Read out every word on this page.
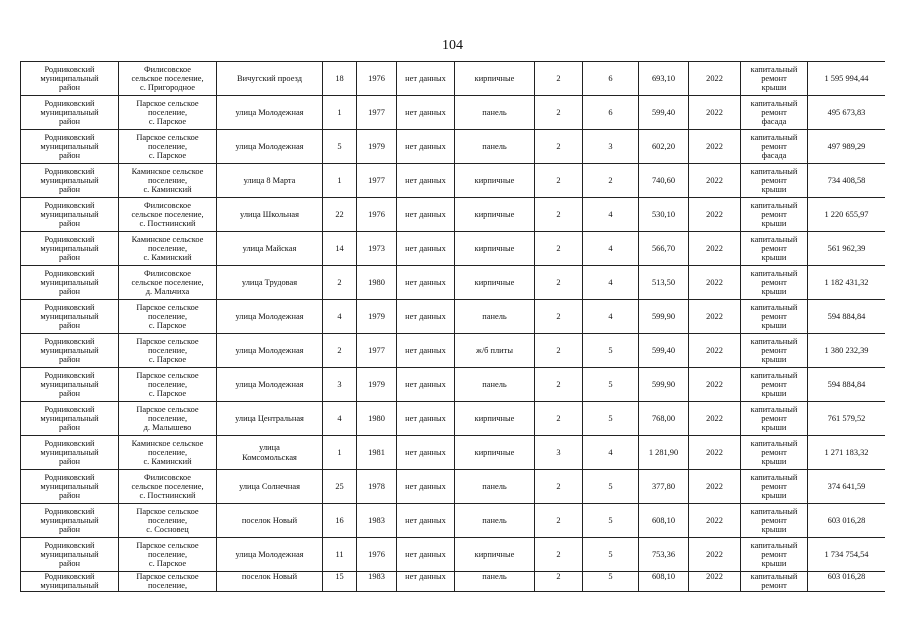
104
Родниковский
муниципальный
район	Филисовское
сельское поселение,
с. Пригородное	Вичугский проезд	18	1976	нет данных	кирпичные	2	6	693,10	2022	капитальный
ремонт
крыши	1 595 994,44
Родниковский
муниципальный
район	Парское сельское
поселение,
с. Парское	улица Молодежная	1	1977	нет данных	панель	2	6	599,40	2022	капитальный
ремонт
фасада	495 673,83
Родниковский
муниципальный
район	Парское сельское
поселение,
с. Парское	улица Молодежная	5	1979	нет данных	панель	2	3	602,20	2022	капитальный
ремонт
фасада	497 989,29
Родниковский
муниципальный
район	Каминское сельское
поселение,
с. Каминский	улица 8 Марта	1	1977	нет данных	кирпичные	2	2	740,60	2022	капитальный
ремонт
крыши	734 408,58
Родниковский
муниципальный
район	Филисовское
сельское поселение,
с. Постнинский	улица Школьная	22	1976	нет данных	кирпичные	2	4	530,10	2022	капитальный
ремонт
крыши	1 220 655,97
Родниковский
муниципальный
район	Каминское сельское
поселение,
с. Каминский	улица Майская	14	1973	нет данных	кирпичные	2	4	566,70	2022	капитальный
ремонт
крыши	561 962,39
Родниковский
муниципальный
район	Филисовское
сельское поселение,
д. Мальчиха	улица Трудовая	2	1980	нет данных	кирпичные	2	4	513,50	2022	капитальный
ремонт
крыши	1 182 431,32
Родниковский
муниципальный
район	Парское сельское
поселение,
с. Парское	улица Молодежная	4	1979	нет данных	панель	2	4	599,90	2022	капитальный
ремонт
крыши	594 884,84
Родниковский
муниципальный
район	Парское сельское
поселение,
с. Парское	улица Молодежная	2	1977	нет данных	ж/б плиты	2	5	599,40	2022	капитальный
ремонт
крыши	1 380 232,39
Родниковский
муниципальный
район	Парское сельское
поселение,
с. Парское	улица Молодежная	3	1979	нет данных	панель	2	5	599,90	2022	капитальный
ремонт
крыши	594 884,84
Родниковский
муниципальный
район	Парское сельское
поселение,
д. Малышево	улица Центральная	4	1980	нет данных	кирпичные	2	5	768,00	2022	капитальный
ремонт
крыши	761 579,52
Родниковский
муниципальный
район	Каминское сельское
поселение,
с. Каминский	улица
Комсомольская	1	1981	нет данных	кирпичные	3	4	1 281,90	2022	капитальный
ремонт
крыши	1 271 183,32
Родниковский
муниципальный
район	Филисовское
сельское поселение,
с. Постнинский	улица Солнечная	25	1978	нет данных	панель	2	5	377,80	2022	капитальный
ремонт
крыши	374 641,59
Родниковский
муниципальный
район	Парское сельское
поселение,
с. Сосновец	поселок Новый	16	1983	нет данных	панель	2	5	608,10	2022	капитальный
ремонт
крыши	603 016,28
Родниковский
муниципальный
район	Парское сельское
поселение,
с. Парское	улица Молодежная	11	1976	нет данных	кирпичные	2	5	753,36	2022	капитальный
ремонт
крыши	1 734 754,54
Родниковский
муниципальный	Парское сельское
поселение,	поселок Новый	15	1983	нет данных	панель	2	5	608,10	2022	капитальный
ремонт	603 016,28
